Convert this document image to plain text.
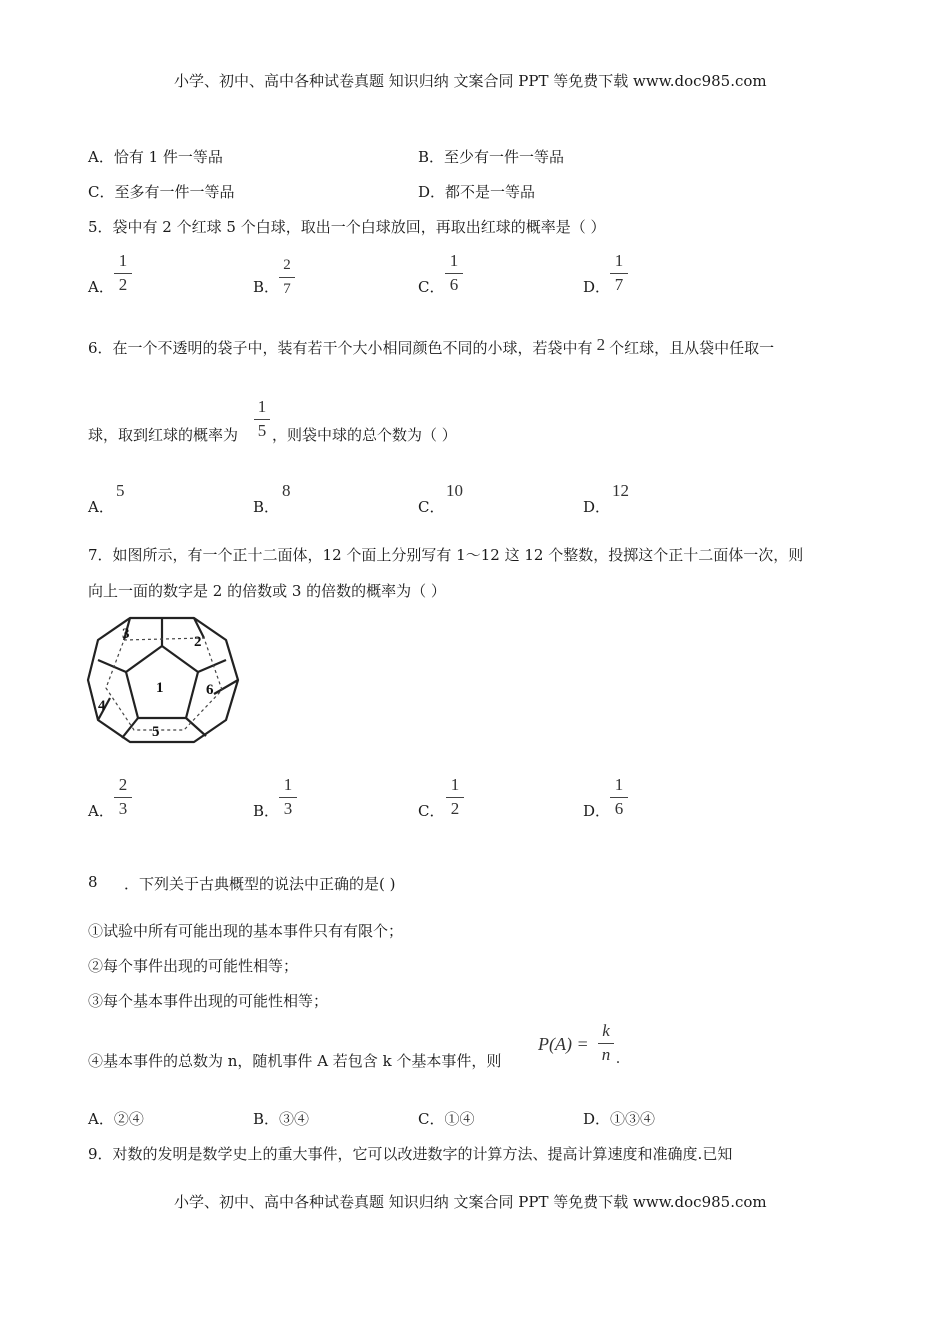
小学、初中、高中各种试卷真题 知识归纳 文案合同 PPT 等免费下载 www.doc985.com
A．恰有 1 件一等品	B．至少有一件一等品
C．至多有一件一等品	D．都不是一等品
5．袋中有 2 个红球 5 个白球，取出一个白球放回，再取出红球的概率是（ ）
A．
1
2	B．
2
7	C．
1
6	D．
1
7
6．在一个不透明的袋子中，装有若干个大小相同颜色不同的小球，若袋中有 2 个红球，且从袋中任取一
球，取到红球的概率为
1
5 ，则袋中球的总个数为（ ）
A．
5
B．
8
C．
10
D．
12
7．如图所示，有一个正十二面体，12 个面上分别写有 1～12 这 12 个整数，投掷这个正十二面体一次，则
向上一面的数字是 2 的倍数或 3 的倍数的概率为（ ）
1
2
3
4
5
6
A．
2
3	B．
1
3	C．
1
2	D．
1
6
8 ．下列关于古典概型的说法中正确的是( )
①试验中所有可能出现的基本事件只有有限个；
②每个事件出现的可能性相等；
③每个基本事件出现的可能性相等；
④基本事件的总数为 n，随机事件 A 若包含 k 个基本事件，则
P(A) =
k
n .
A．②④	B．③④	C．①④	D．①③④
9．对数的发明是数学史上的重大事件，它可以改进数字的计算方法、提高计算速度和准确度.已知
小学、初中、高中各种试卷真题 知识归纳 文案合同 PPT 等免费下载 www.doc985.com
